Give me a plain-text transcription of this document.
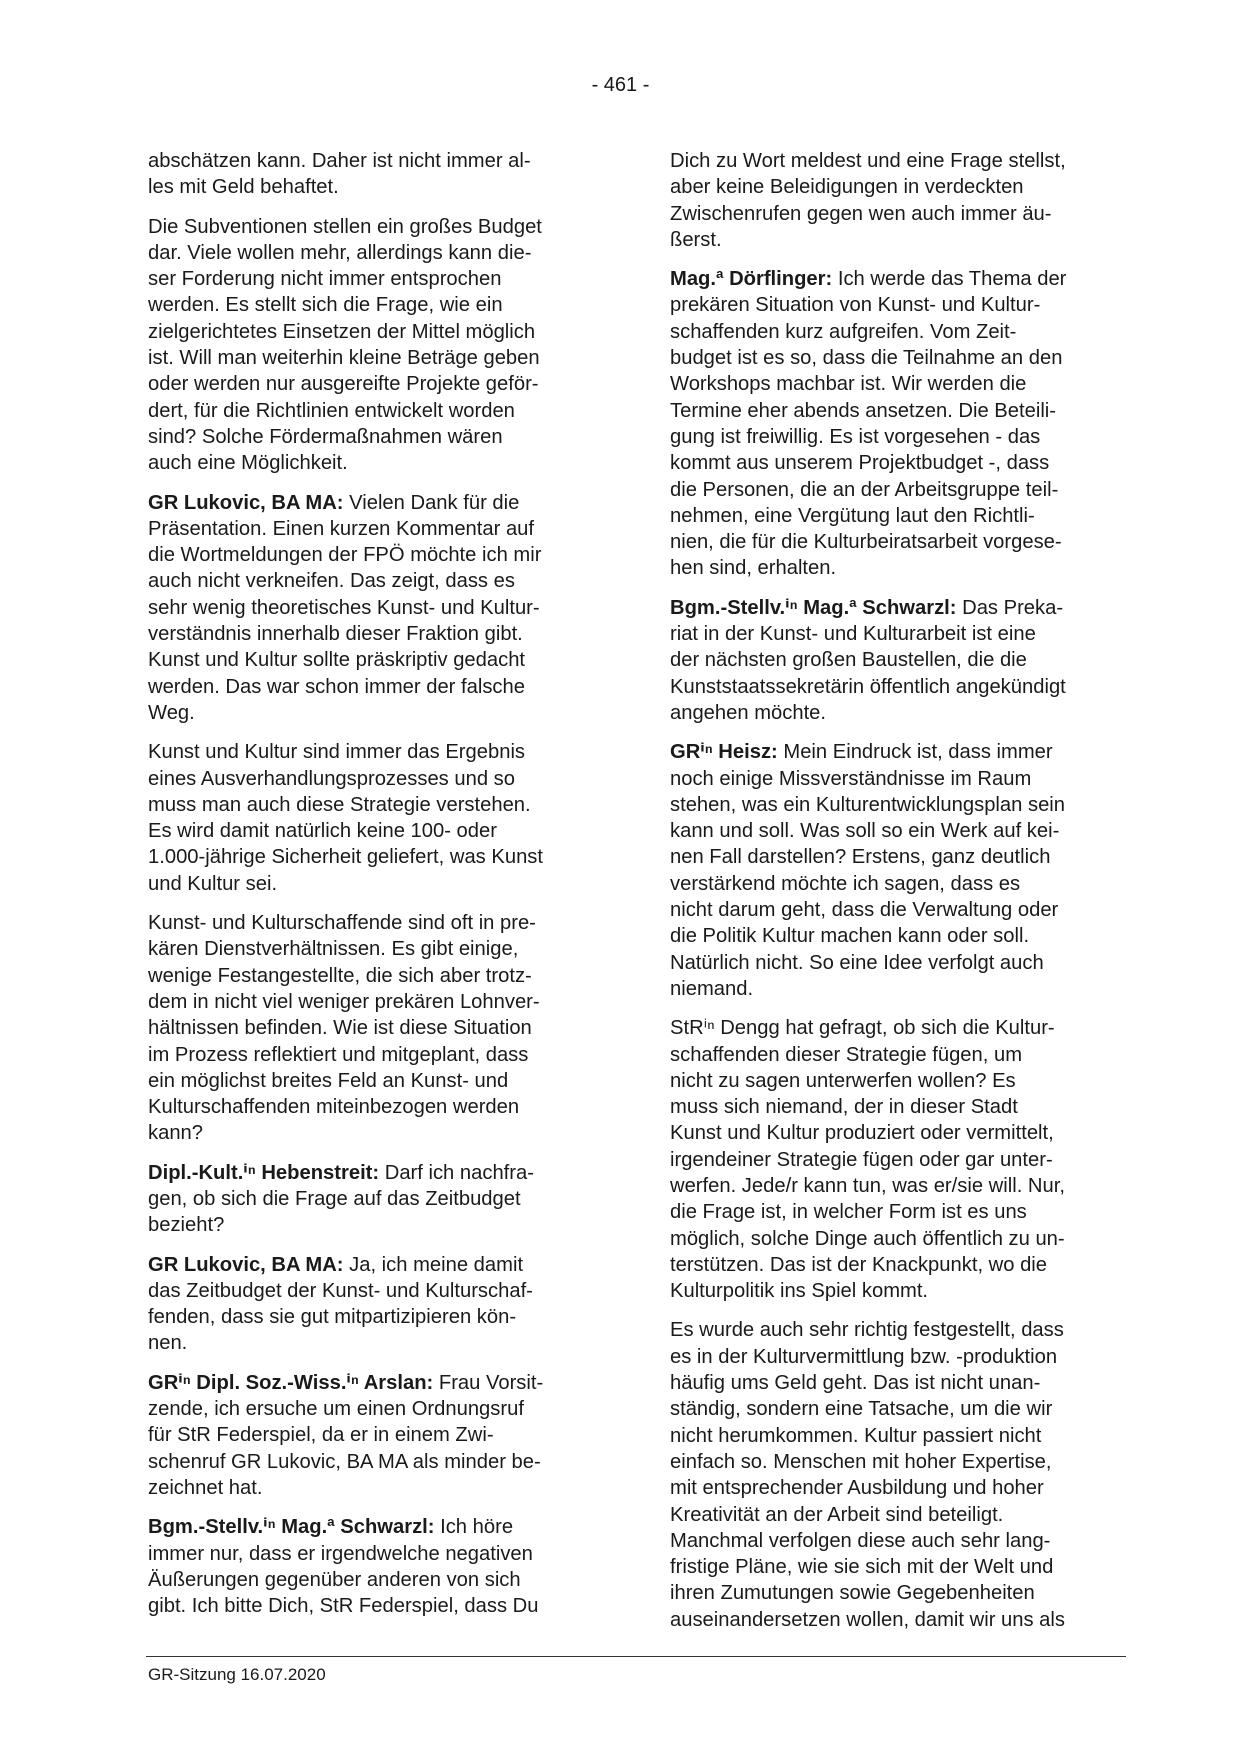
- 461 -

abschätzen kann. Daher ist nicht immer al-
les mit Geld behaftet.

Die Subventionen stellen ein großes Budget
dar. Viele wollen mehr, allerdings kann die-
ser Forderung nicht immer entsprochen
werden. Es stellt sich die Frage, wie ein
zielgerichtetes Einsetzen der Mittel möglich
ist. Will man weiterhin kleine Beträge geben
oder werden nur ausgereifte Projekte geför-
dert, für die Richtlinien entwickelt worden
sind? Solche Fördermaßnahmen wären
auch eine Möglichkeit.

GR Lukovic, BA MA: Vielen Dank für die
Präsentation. Einen kurzen Kommentar auf
die Wortmeldungen der FPÖ möchte ich mir
auch nicht verkneifen. Das zeigt, dass es
sehr wenig theoretisches Kunst- und Kultur-
verständnis innerhalb dieser Fraktion gibt.
Kunst und Kultur sollte präskriptiv gedacht
werden. Das war schon immer der falsche
Weg.

Kunst und Kultur sind immer das Ergebnis
eines Ausverhandlungsprozesses und so
muss man auch diese Strategie verstehen.
Es wird damit natürlich keine 100- oder
1.000-jährige Sicherheit geliefert, was Kunst
und Kultur sei.

Kunst- und Kulturschaffende sind oft in pre-
kären Dienstverhältnissen. Es gibt einige,
wenige Festangestellte, die sich aber trotz-
dem in nicht viel weniger prekären Lohnver-
hältnissen befinden. Wie ist diese Situation
im Prozess reflektiert und mitgeplant, dass
ein möglichst breites Feld an Kunst- und
Kulturschaffenden miteinbezogen werden
kann?

Dipl.-Kult.ⁱⁿ Hebenstreit: Darf ich nachfra-
gen, ob sich die Frage auf das Zeitbudget
bezieht?

GR Lukovic, BA MA: Ja, ich meine damit
das Zeitbudget der Kunst- und Kulturschaf-
fenden, dass sie gut mitpartizipieren kön-
nen.

GRⁱⁿ Dipl. Soz.-Wiss.ⁱⁿ Arslan: Frau Vorsit-
zende, ich ersuche um einen Ordnungsruf
für StR Federspiel, da er in einem Zwi-
schenruf GR Lukovic, BA MA als minder be-
zeichnet hat.

Bgm.-Stellv.ⁱⁿ Mag.ª Schwarzl: Ich höre
immer nur, dass er irgendwelche negativen
Äußerungen gegenüber anderen von sich
gibt. Ich bitte Dich, StR Federspiel, dass Du

Dich zu Wort meldest und eine Frage stellst,
aber keine Beleidigungen in verdeckten
Zwischenrufen gegen wen auch immer äu-
ßerst.

Mag.ª Dörflinger: Ich werde das Thema der
prekären Situation von Kunst- und Kultur-
schaffenden kurz aufgreifen. Vom Zeit-
budget ist es so, dass die Teilnahme an den
Workshops machbar ist. Wir werden die
Termine eher abends ansetzen. Die Beteili-
gung ist freiwillig. Es ist vorgesehen - das
kommt aus unserem Projektbudget -, dass
die Personen, die an der Arbeitsgruppe teil-
nehmen, eine Vergütung laut den Richtli-
nien, die für die Kulturbeiratsarbeit vorgese-
hen sind, erhalten.

Bgm.-Stellv.ⁱⁿ Mag.ª Schwarzl: Das Preka-
riat in der Kunst- und Kulturarbeit ist eine
der nächsten großen Baustellen, die die
Kunststaatssekretärin öffentlich angekündigt
angehen möchte.

GRⁱⁿ Heisz: Mein Eindruck ist, dass immer
noch einige Missverständnisse im Raum
stehen, was ein Kulturentwicklungsplan sein
kann und soll. Was soll so ein Werk auf kei-
nen Fall darstellen? Erstens, ganz deutlich
verstärkend möchte ich sagen, dass es
nicht darum geht, dass die Verwaltung oder
die Politik Kultur machen kann oder soll.
Natürlich nicht. So eine Idee verfolgt auch
niemand.

StRⁱⁿ Dengg hat gefragt, ob sich die Kultur-
schaffenden dieser Strategie fügen, um
nicht zu sagen unterwerfen wollen? Es
muss sich niemand, der in dieser Stadt
Kunst und Kultur produziert oder vermittelt,
irgendeiner Strategie fügen oder gar unter-
werfen. Jede/r kann tun, was er/sie will. Nur,
die Frage ist, in welcher Form ist es uns
möglich, solche Dinge auch öffentlich zu un-
terstützen. Das ist der Knackpunkt, wo die
Kulturpolitik ins Spiel kommt.

Es wurde auch sehr richtig festgestellt, dass
es in der Kulturvermittlung bzw. -produktion
häufig ums Geld geht. Das ist nicht unan-
ständig, sondern eine Tatsache, um die wir
nicht herumkommen. Kultur passiert nicht
einfach so. Menschen mit hoher Expertise,
mit entsprechender Ausbildung und hoher
Kreativität an der Arbeit sind beteiligt.
Manchmal verfolgen diese auch sehr lang-
fristige Pläne, wie sie sich mit der Welt und
ihren Zumutungen sowie Gegebenheiten
auseinandersetzen wollen, damit wir uns als

GR-Sitzung 16.07.2020
